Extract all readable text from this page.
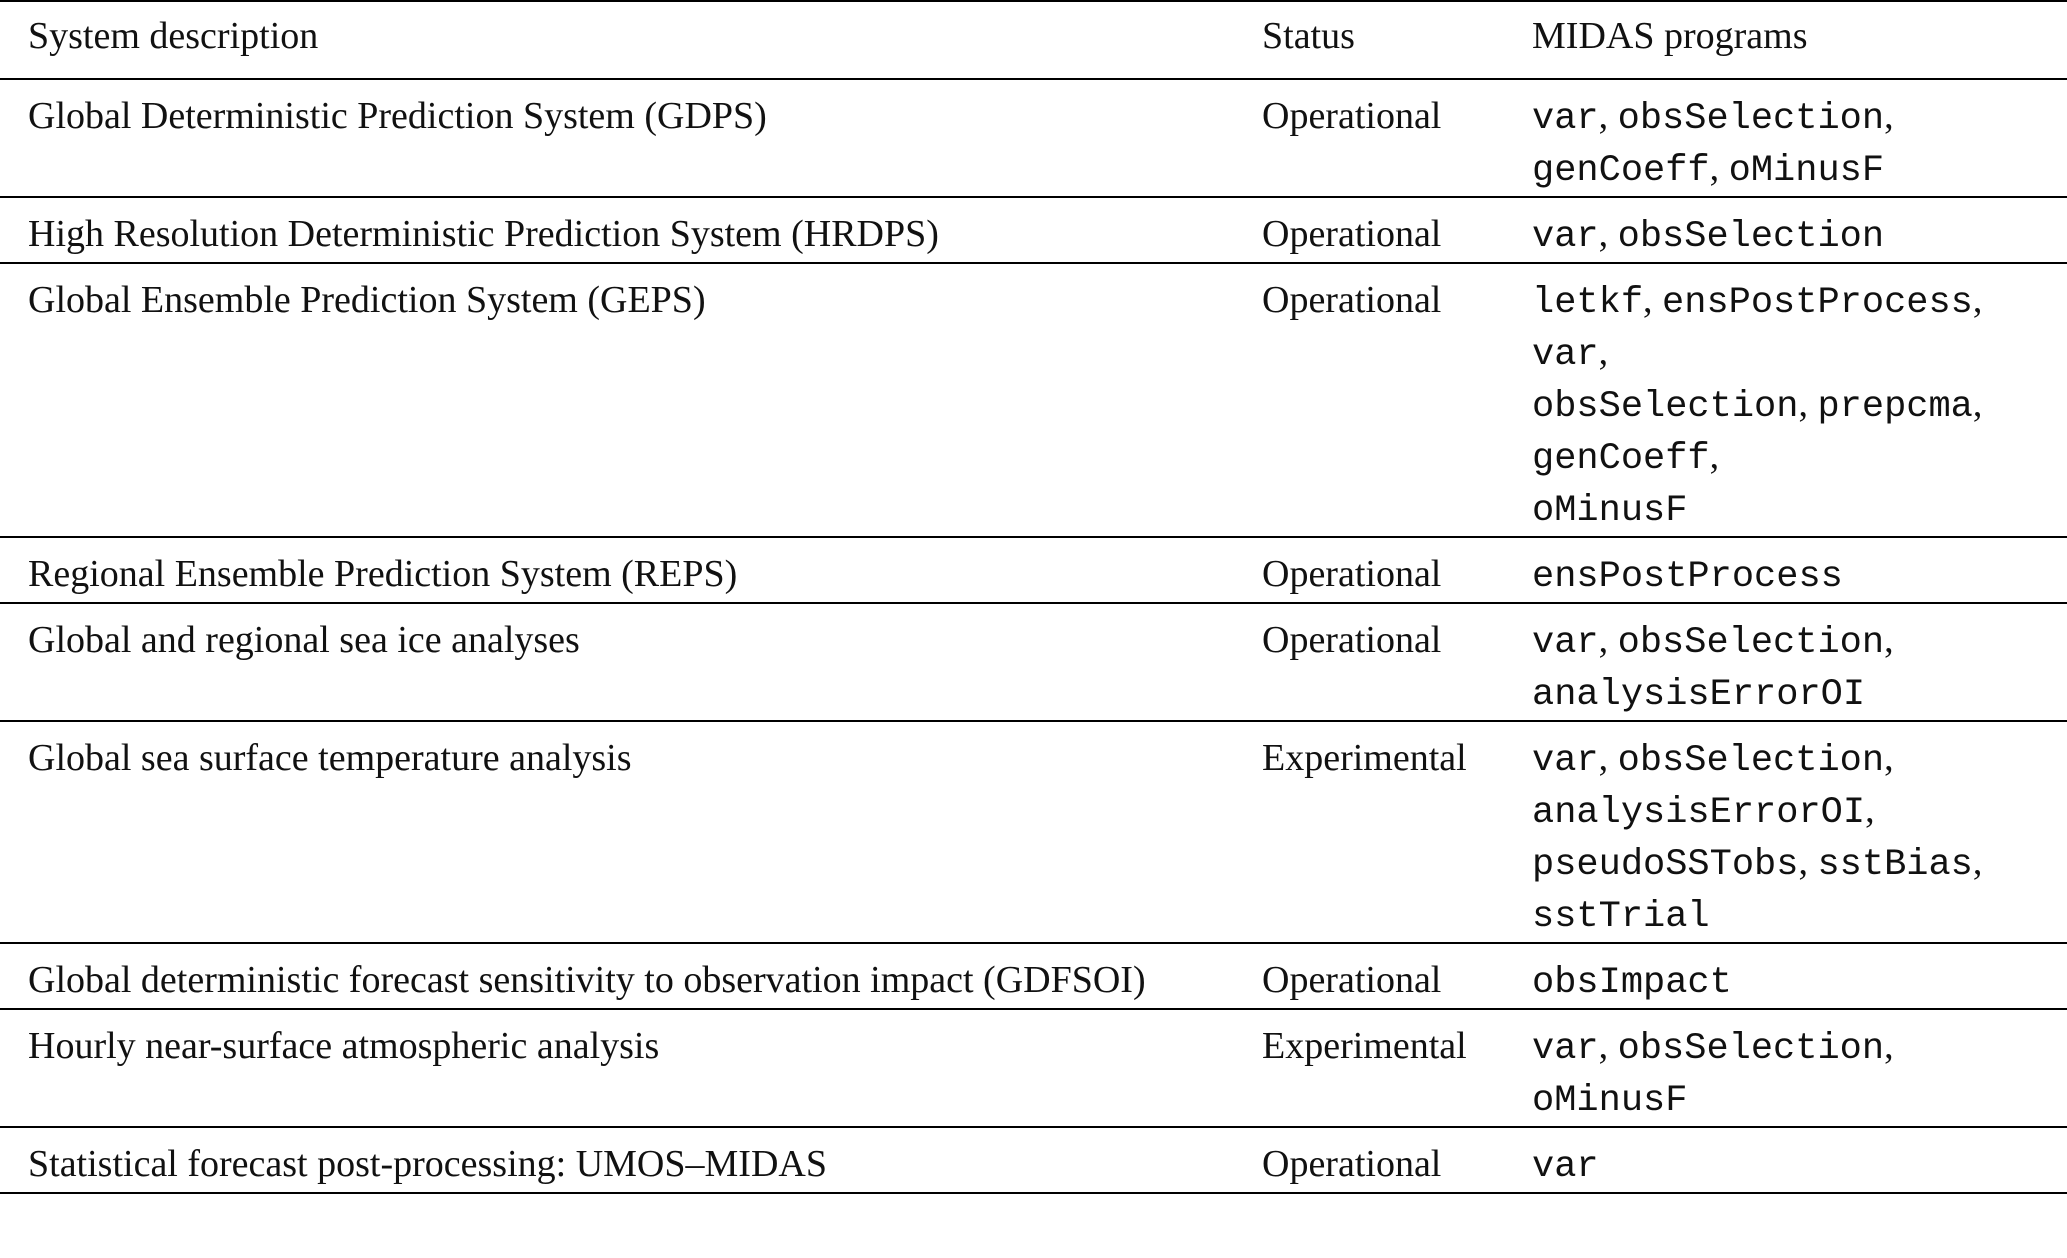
System description	Status	MIDAS programs
Global Deterministic Prediction System (GDPS)	Operational	var, obsSelection,
genCoeff, oMinusF

High Resolution Deterministic Prediction System (HRDPS)	Operational	var, obsSelection

Global Ensemble Prediction System (GEPS)	Operational	letkf, ensPostProcess,
var,
obsSelection, prepcma,
genCoeff,
oMinusF

Regional Ensemble Prediction System (REPS)	Operational	ensPostProcess

Global and regional sea ice analyses	Operational	var, obsSelection,
analysisErrorOI

Global sea surface temperature analysis	Experimental	var, obsSelection,
analysisErrorOI,
pseudoSSTobs, sstBias,
sstTrial

Global deterministic forecast sensitivity to observation impact (GDFSOI)	Operational	obsImpact

Hourly near-surface atmospheric analysis	Experimental	var, obsSelection,
oMinusF

Statistical forecast post-processing: UMOS–MIDAS	Operational	var
